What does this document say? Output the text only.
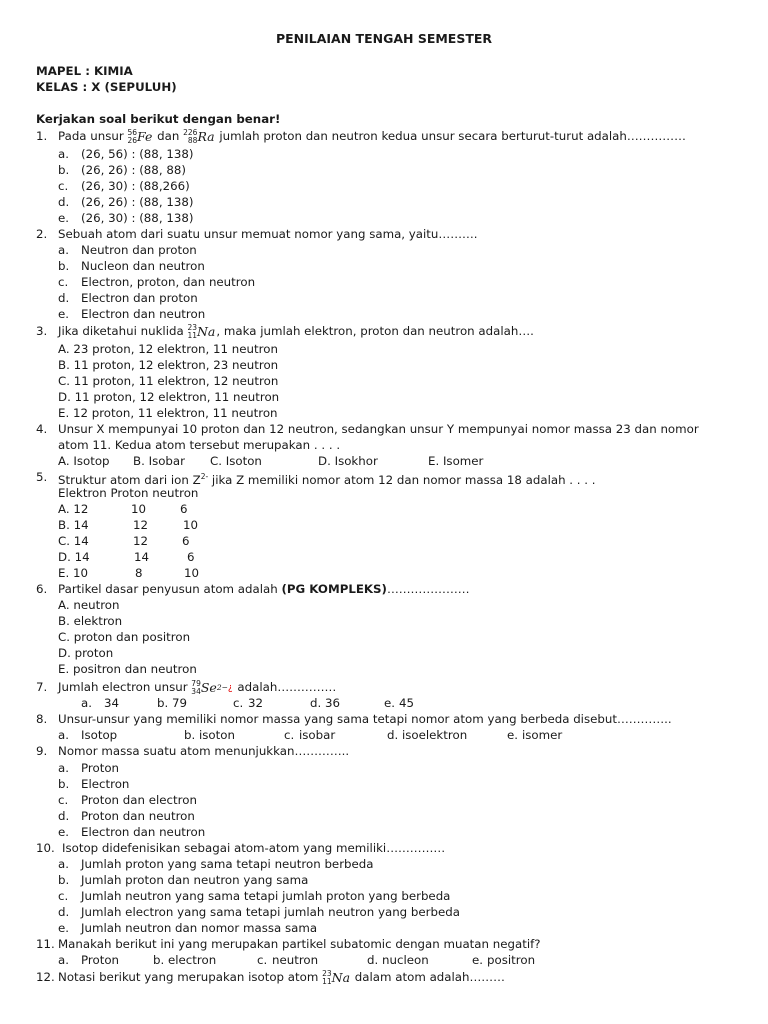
PENILAIAN TENGAH SEMESTER
MAPEL : KIMIA
KELAS : X (SEPULUH)
Kerjakan soal berikut dengan benar!
1. Pada unsur 56
26 Fe dan 226
88 Ra jumlah proton dan neutron kedua unsur secara berturut-turut adalah……………
a. (26, 56) : (88, 138)
b. (26, 26) : (88, 88)
c. (26, 30) : (88,266)
d. (26, 26) : (88, 138)
e. (26, 30) : (88, 138)
2. Sebuah atom dari suatu unsur memuat nomor yang sama, yaitu……….
a. Neutron dan proton
b. Nucleon dan neutron
c. Electron, proton, dan neutron
d. Electron dan proton
e. Electron dan neutron
3. Jika diketahui nuklida 23
11 Na , maka jumlah elektron, proton dan neutron adalah….
A. 23 proton, 12 elektron, 11 neutron
B. 11 proton, 12 elektron, 23 neutron
C. 11 proton, 11 elektron, 12 neutron
D. 11 proton, 12 elektron, 11 neutron
E. 12 proton, 11 elektron, 11 neutron
4. Unsur X mempunyai 10 proton dan 12 neutron, sedangkan unsur Y mempunyai nomor massa 23 dan nomor
atom 11. Kedua atom tersebut merupakan . . . .
A. Isotop B. Isobar C. Isoton	D. Isokhor	E. Isomer
5. Struktur atom dari ion $Z^{2-}$ jika Z memiliki nomor atom 12 dan nomor massa 18 adalah . . . .
Elektron Proton neutron
A. 12	10	6
B. 14	12	10
C. 14	12	6
D. 14	14	6
E. 10	8	10
6. Partikel dasar penyusun atom adalah (PG KOMPLEKS)…………………
A. neutron
B. elektron
C. proton dan positron
D. proton
E. positron dan neutron
7. Jumlah electron unsur 79
34 Se 2− ¿ adalah……………
a. 34	b. 79	c. 32	d. 36	e. 45
8. Unsur-unsur yang memiliki nomor massa yang sama tetapi nomor atom yang berbeda disebut…………..
a. Isotop	b. isoton	c. isobar	d. isoelektron	e. isomer
9. Nomor massa suatu atom menunjukkan…………..
a. Proton
b. Electron
c. Proton dan electron
d. Proton dan neutron
e. Electron dan neutron
10. Isotop didefenisikan sebagai atom-atom yang memiliki……………
a. Jumlah proton yang sama tetapi neutron berbeda
b. Jumlah proton dan neutron yang sama
c. Jumlah neutron yang sama tetapi jumlah proton yang berbeda
d. Jumlah electron yang sama tetapi jumlah neutron yang berbeda
e. Jumlah neutron dan nomor massa sama
11. Manakah berikut ini yang merupakan partikel subatomic dengan muatan negatif?
a. Proton	b. electron	c. neutron	d. nucleon	e. positron
12. Notasi berikut yang merupakan isotop atom 23
11 Na dalam atom adalah………
